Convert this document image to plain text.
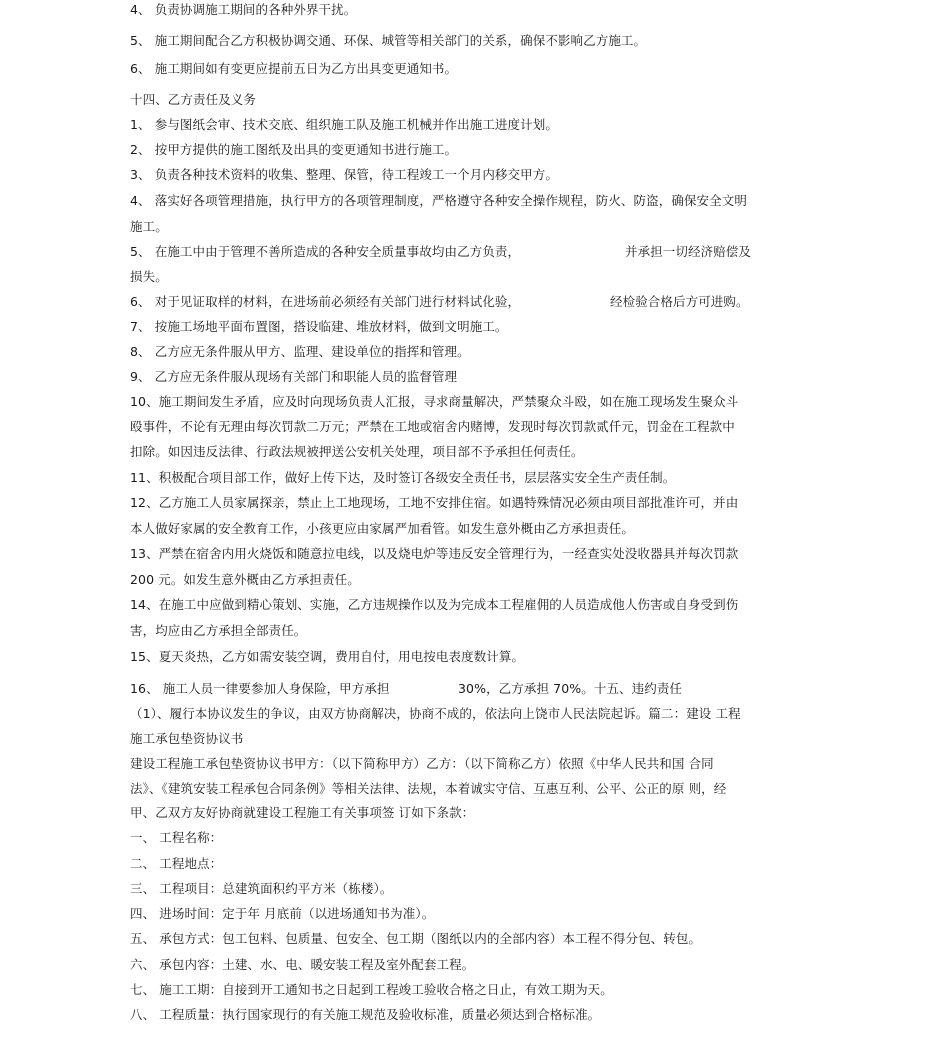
4、 负责协调施工期间的各种外界干扰。
5、 施工期间配合乙方积极协调交通、环保、城管等相关部门的关系，确保不影响乙方施工。
6、 施工期间如有变更应提前五日为乙方出具变更通知书。
十四、乙方责任及义务
1、 参与图纸会审、技术交底、组织施工队及施工机械并作出施工进度计划。
2、 按甲方提供的施工图纸及出具的变更通知书进行施工。
3、 负责各种技术资料的收集、整理、保管，待工程竣工一个月内移交甲方。
4、 落实好各项管理措施，执行甲方的各项管理制度，严格遵守各种安全操作规程，防火、防盗，确保安全文明
施工。
5、 在施工中由于管理不善所造成的各种安全质量事故均由乙方负责，	并承担一切经济赔偿及
损失。
6、 对于见证取样的材料，在进场前必须经有关部门进行材料试化验，	经检验合格后方可进购。
7、 按施工场地平面布置图，搭设临建、堆放材料，做到文明施工。
8、 乙方应无条件服从甲方、监理、建设单位的指挥和管理。
9、 乙方应无条件服从现场有关部门和职能人员的监督管理
10、施工期间发生矛盾，应及时向现场负责人汇报，寻求商量解决，严禁聚众斗殴，如在施工现场发生聚众斗
殴事件，不论有无理由每次罚款二万元；严禁在工地或宿舍内赌博，发现时每次罚款贰仟元，罚金在工程款中
扣除。如因违反法律、行政法规被押送公安机关处理，项目部不予承担任何责任。
11、积极配合项目部工作，做好上传下达，及时签订各级安全责任书，层层落实安全生产责任制。
12、乙方施工人员家属探亲，禁止上工地现场，工地不安排住宿。如遇特殊情况必须由项目部批准许可，并由
本人做好家属的安全教育工作，小孩更应由家属严加看管。如发生意外概由乙方承担责任。
13、严禁在宿舍内用火烧饭和随意拉电线，以及烧电炉等违反安全管理行为，一经查实处没收器具并每次罚款
200 元。如发生意外概由乙方承担责任。
14、在施工中应做到精心策划、实施，乙方违规操作以及为完成本工程雇佣的人员造成他人伤害或自身受到伤
害，均应由乙方承担全部责任。
15、夏天炎热，乙方如需安装空调，费用自付，用电按电表度数计算。
16、 施工人员一律要参加人身保险，甲方承担	30%，乙方承担 70%。十五、违约责任
（1）、履行本协议发生的争议，由双方协商解决，协商不成的，依法向上饶市人民法院起诉。篇二：建设 工程
施工承包垫资协议书
建设工程施工承包垫资协议书甲方：（以下简称甲方）乙方：（以下简称乙方）依照《中华人民共和国 合同
法》、《建筑安装工程承包合同条例》等相关法律、法规，本着诚实守信、互惠互利、公平、公正的原 则，经
甲、乙双方友好协商就建设工程施工有关事项签 订如下条款：
一、 工程名称：
二、 工程地点：
三、 工程项目：总建筑面积约平方米（栋楼）。
四、 进场时间：定于年 月底前（以进场通知书为准）。
五、 承包方式：包工包料、包质量、包安全、包工期（图纸以内的全部内容）本工程不得分包、转包。
六、 承包内容：土建、水、电、暖安装工程及室外配套工程。
七、 施工工期：自接到开工通知书之日起到工程竣工验收合格之日止，有效工期为天。
八、 工程质量：执行国家现行的有关施工规范及验收标准，质量必须达到合格标准。
